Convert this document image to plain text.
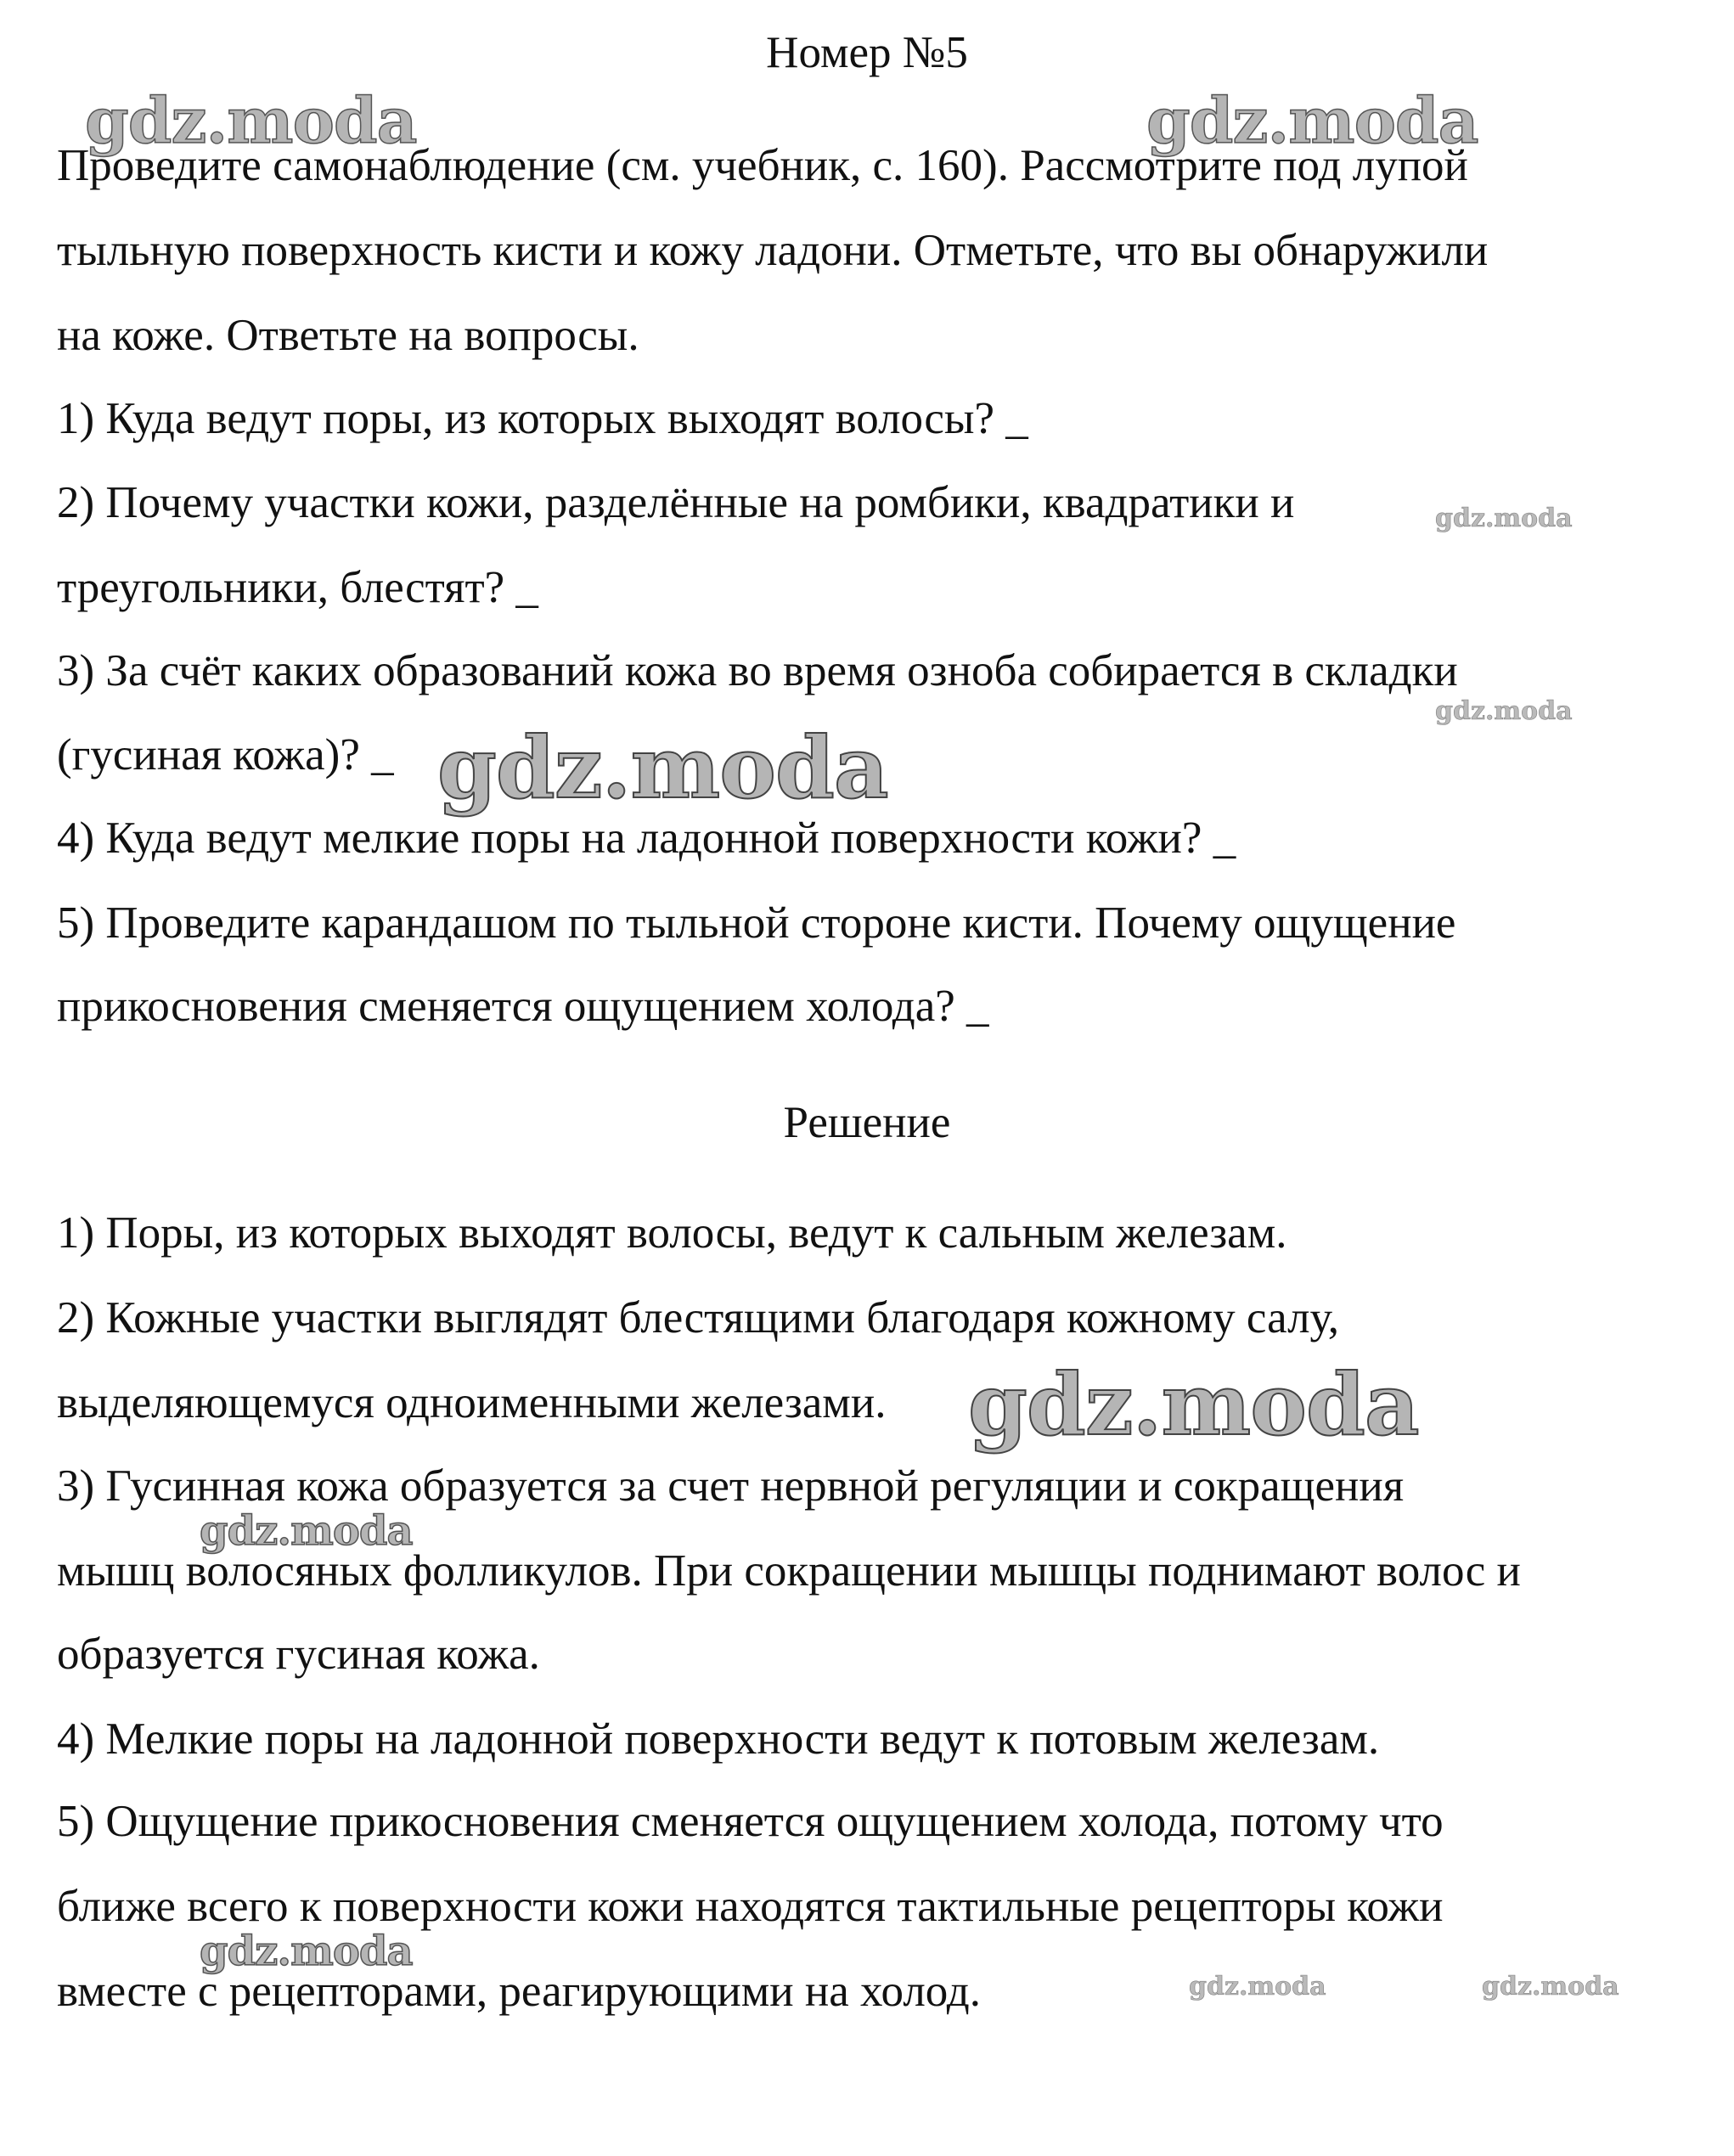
Номер №5

Проведите самонаблюдение (см. учебник, с. 160). Рассмотрите под лупой

тыльную поверхность кисти и кожу ладони. Отметьте, что вы обнаружили

на коже. Ответьте на вопросы.

1) Куда ведут поры, из которых выходят волосы? _

2) Почему участки кожи, разделённые на ромбики, квадратики и

треугольники, блестят? _

3) За счёт каких образований кожа во время озноба собирается в складки

(гусиная кожа)? _

4) Куда ведут мелкие поры на ладонной поверхности кожи? _

5) Проведите карандашом по тыльной стороне кисти. Почему ощущение

прикосновения сменяется ощущением холода? _

Решение

1) Поры, из которых выходят волосы, ведут к сальным железам.

2) Кожные участки выглядят блестящими благодаря кожному салу,

выделяющемуся одноименными железами.

3) Гусинная кожа образуется за счет нервной регуляции и сокращения

мышц волосяных фолликулов. При сокращении мышцы поднимают волос и

образуется гусиная кожа.

4) Мелкие поры на ладонной поверхности ведут к потовым железам.

5) Ощущение прикосновения сменяется ощущением холода, потому что

ближе всего к поверхности кожи находятся тактильные рецепторы кожи

вместе с рецепторами, реагирующими на холод.

gdz.moda	gdz.moda
gdz.moda
gdz.moda
gdz.moda
gdz.moda
gdz.moda
gdz.moda
gdz.moda	gdz.moda
